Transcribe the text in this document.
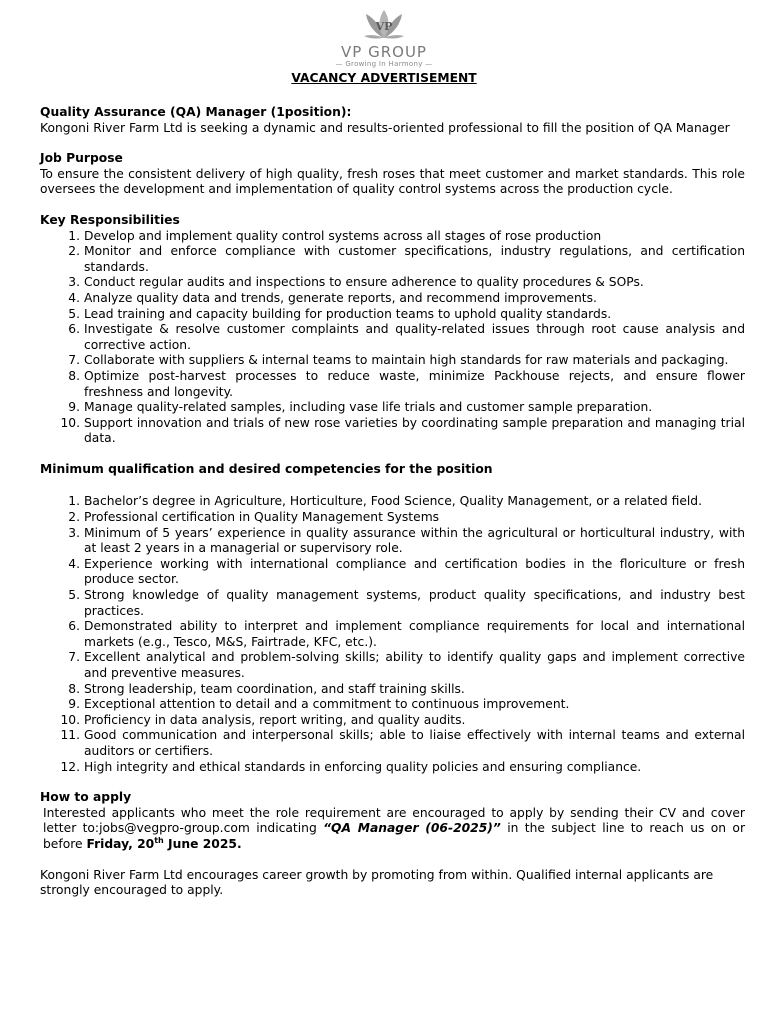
VP
VP GROUP
— Growing In Harmony —
VACANCY ADVERTISEMENT
Quality Assurance (QA) Manager (1position):

Kongoni River Farm Ltd is seeking a dynamic and results-oriented professional to fill the position of QA Manager

Job Purpose

To ensure the consistent delivery of high quality, fresh roses that meet customer and market standards. This role oversees the development and implementation of quality control systems across the production cycle.

Key Responsibilities
1. Develop and implement quality control systems across all stages of rose production
2. Monitor and enforce compliance with customer specifications, industry regulations, and certification standards.
3. Conduct regular audits and inspections to ensure adherence to quality procedures & SOPs.
4. Analyze quality data and trends, generate reports, and recommend improvements.
5. Lead training and capacity building for production teams to uphold quality standards.
6. Investigate & resolve customer complaints and quality-related issues through root cause analysis and corrective action.
7. Collaborate with suppliers & internal teams to maintain high standards for raw materials and packaging.
8. Optimize post-harvest processes to reduce waste, minimize Packhouse rejects, and ensure flower freshness and longevity.
9. Manage quality-related samples, including vase life trials and customer sample preparation.
10. Support innovation and trials of new rose varieties by coordinating sample preparation and managing trial data.
Minimum qualification and desired competencies for the position
1. Bachelor’s degree in Agriculture, Horticulture, Food Science, Quality Management, or a related field.
2. Professional certification in Quality Management Systems
3. Minimum of 5 years’ experience in quality assurance within the agricultural or horticultural industry, with at least 2 years in a managerial or supervisory role.
4. Experience working with international compliance and certification bodies in the floriculture or fresh produce sector.
5. Strong knowledge of quality management systems, product quality specifications, and industry best practices.
6. Demonstrated ability to interpret and implement compliance requirements for local and international markets (e.g., Tesco, M&S, Fairtrade, KFC, etc.).
7. Excellent analytical and problem-solving skills; ability to identify quality gaps and implement corrective and preventive measures.
8. Strong leadership, team coordination, and staff training skills.
9. Exceptional attention to detail and a commitment to continuous improvement.
10. Proficiency in data analysis, report writing, and quality audits.
11. Good communication and interpersonal skills; able to liaise effectively with internal teams and external auditors or certifiers.
12. High integrity and ethical standards in enforcing quality policies and ensuring compliance.
How to apply

Interested applicants who meet the role requirement are encouraged to apply by sending their CV and cover letter to:jobs@vegpro-group.com indicating “QA Manager (06-2025)” in the subject line to reach us on or before Friday, 20th June 2025.

Kongoni River Farm Ltd encourages career growth by promoting from within. Qualified internal applicants are strongly encouraged to apply.
